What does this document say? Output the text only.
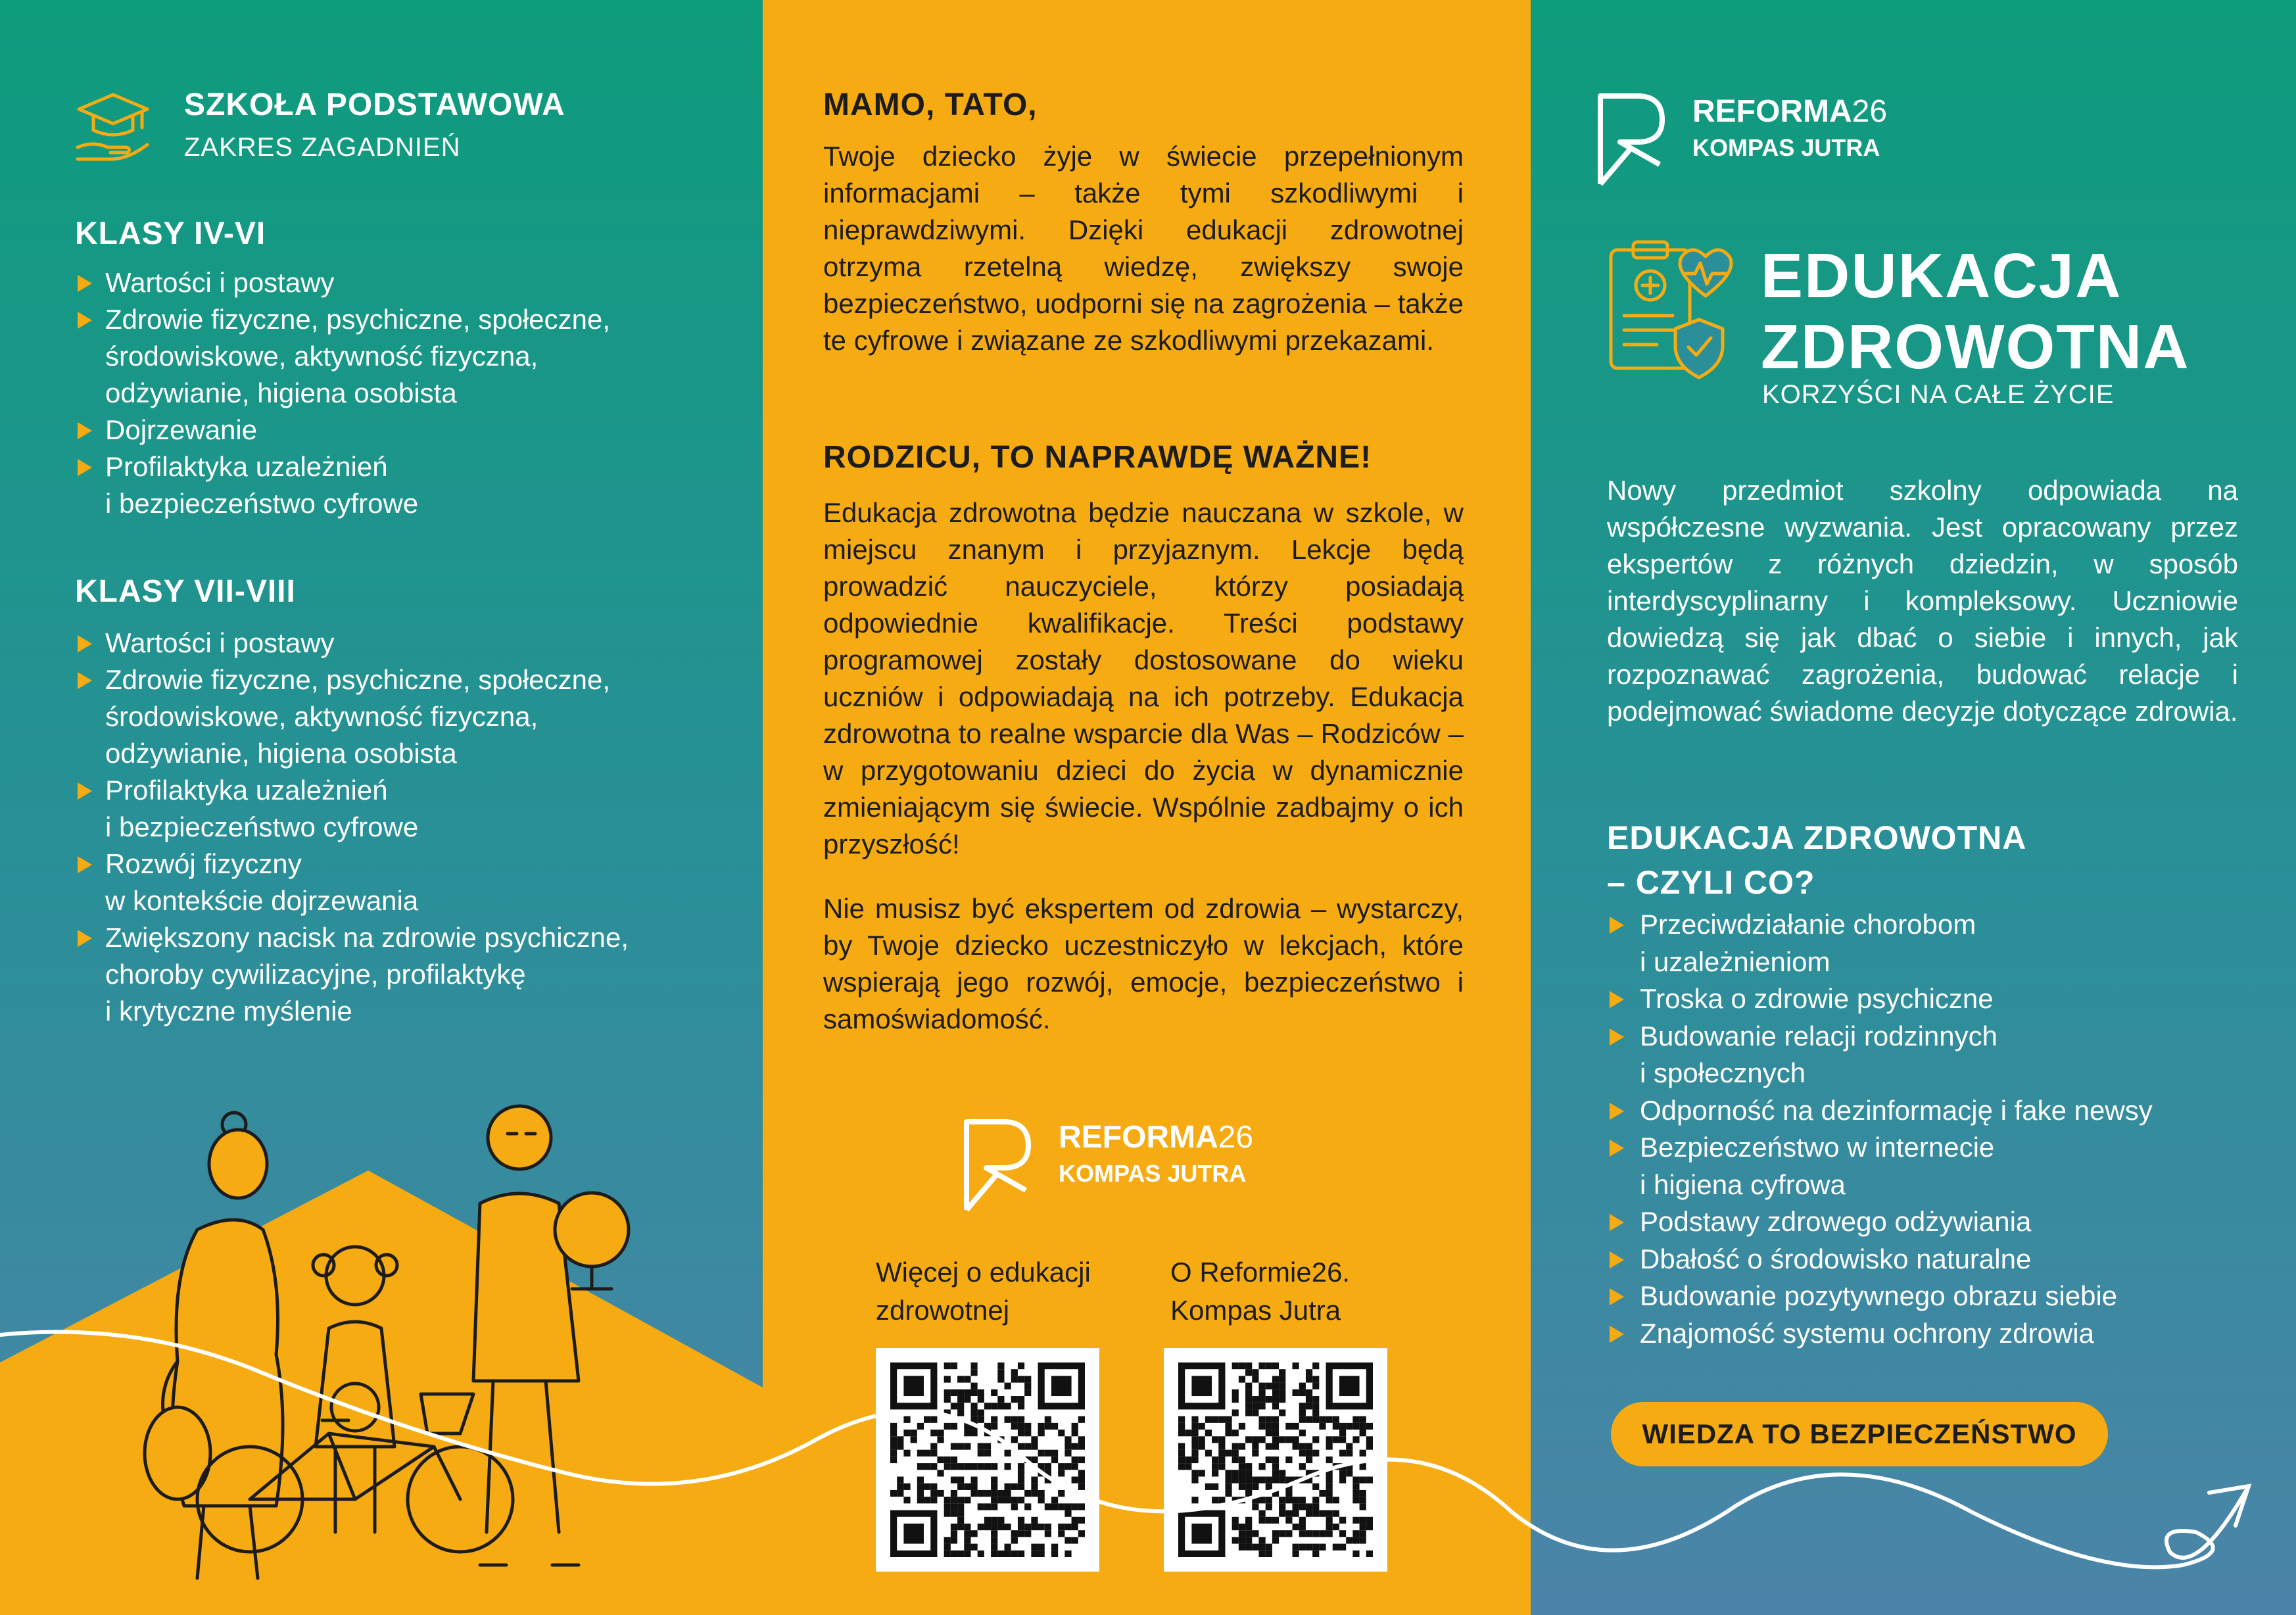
SZKOŁA PODSTAWOWA
ZAKRES ZAGADNIEŃ
KLASY IV-VI
Wartości i postawy
Zdrowie fizyczne, psychiczne, społeczne,
środowiskowe, aktywność fizyczna,
odżywianie, higiena osobista
Dojrzewanie
Profilaktyka uzależnień
i bezpieczeństwo cyfrowe
KLASY VII-VIII
Wartości i postawy
Zdrowie fizyczne, psychiczne, społeczne,
środowiskowe, aktywność fizyczna,
odżywianie, higiena osobista
Profilaktyka uzależnień
i bezpieczeństwo cyfrowe
Rozwój fizyczny
w kontekście dojrzewania
Zwiększony nacisk na zdrowie psychiczne,
choroby cywilizacyjne, profilaktykę
i krytyczne myślenie
MAMO, TATO,

Twoje dziecko żyje w świecie przepełnionym informacjami – także tymi szkodliwymi i nieprawdziwymi. Dzięki edukacji zdrowotnej otrzyma rzetelną wiedzę, zwiększy swoje bezpieczeństwo, uodporni się na zagrożenia – także te cyfrowe i związane ze szkodliwymi przekazami.

RODZICU, TO NAPRAWDĘ WAŻNE!

Edukacja zdrowotna będzie nauczana w szkole, w miejscu znanym i przyjaznym. Lekcje będą prowadzić nauczyciele, którzy posiadają odpowiednie kwalifikacje. Treści podstawy programowej zostały dostosowane do wieku uczniów i odpowiadają na ich potrzeby. Edukacja zdrowotna to realne wsparcie dla Was – Rodziców – w przygotowaniu dzieci do życia w dynamicznie zmieniającym się świecie. Wspólnie zadbajmy o ich przyszłość!

Nie musisz być ekspertem od zdrowia – wystarczy, by Twoje dziecko uczestniczyło w lekcjach, które wspierają jego rozwój, emocje, bezpieczeństwo i samoświadomość.

REFORMA26
KOMPAS JUTRA
Więcej o edukacji
zdrowotnej
O Reformie26.
Kompas Jutra
REFORMA26
KOMPAS JUTRA
EDUKACJA
ZDROWOTNA
KORZYŚCI NA CAŁE ŻYCIE

Nowy przedmiot szkolny odpowiada na współczesne wyzwania. Jest opracowany przez ekspertów z różnych dziedzin, w sposób interdyscyplinarny i kompleksowy. Uczniowie dowiedzą się jak dbać o siebie i innych, jak rozpoznawać zagrożenia, budować relacje i podejmować świadome decyzje dotyczące zdrowia.

EDUKACJA ZDROWOTNA
– CZYLI CO?
Przeciwdziałanie chorobom
i uzależnieniom
Troska o zdrowie psychiczne
Budowanie relacji rodzinnych
i społecznych
Odporność na dezinformację i fake newsy
Bezpieczeństwo w internecie
i higiena cyfrowa
Podstawy zdrowego odżywiania
Dbałość o środowisko naturalne
Budowanie pozytywnego obrazu siebie
Znajomość systemu ochrony zdrowia
WIEDZA TO BEZPIECZEŃSTWO
